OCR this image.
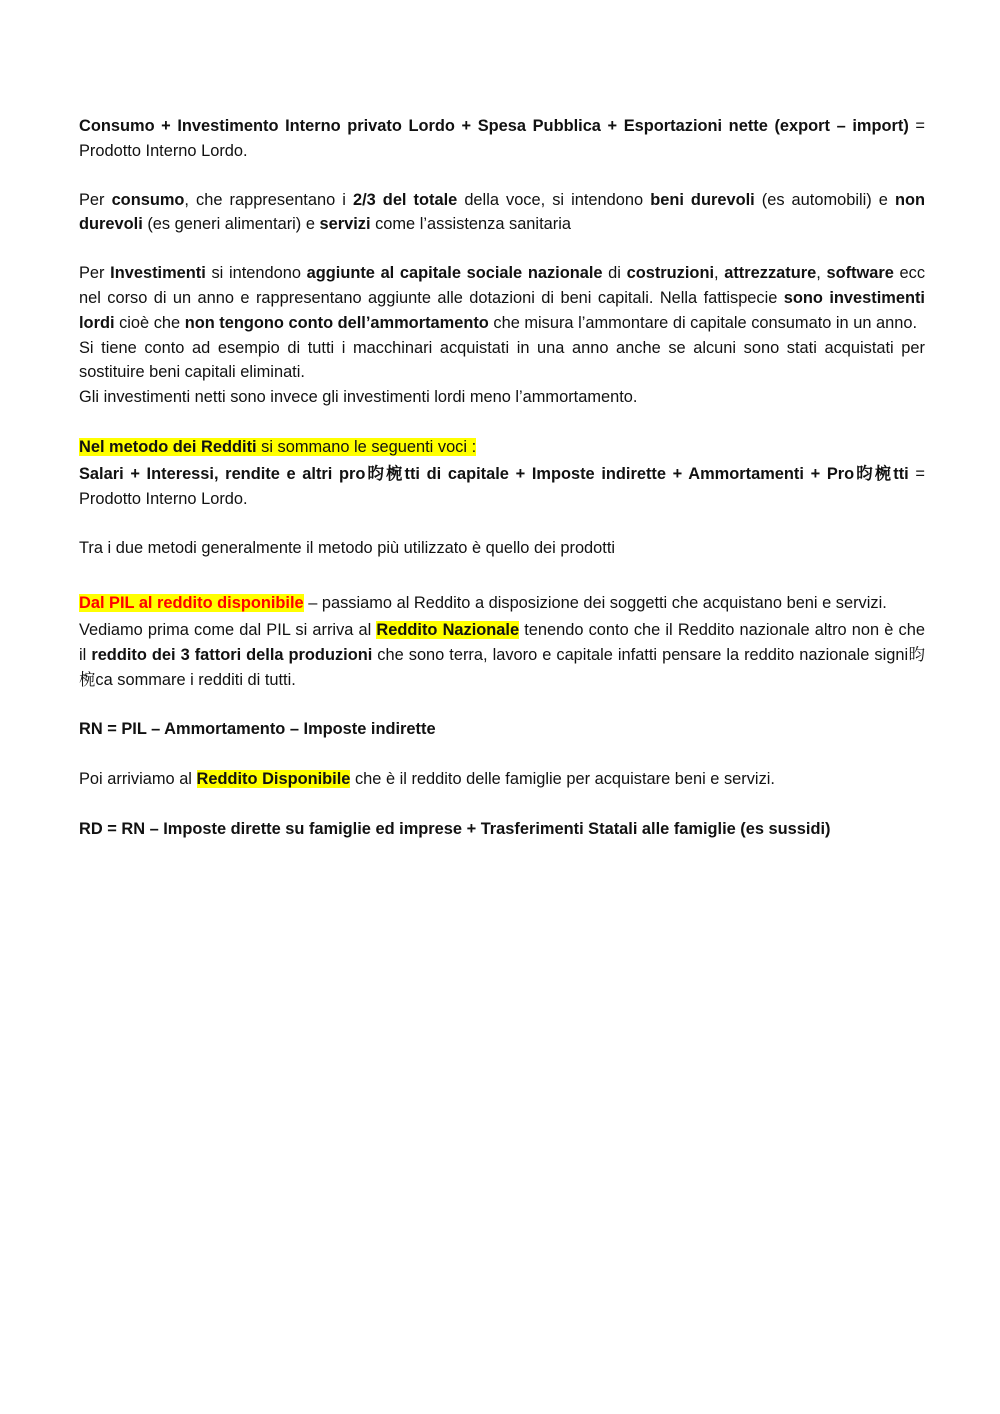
Consumo + Investimento Interno privato Lordo + Spesa Pubblica + Esportazioni nette (export – import) = Prodotto Interno Lordo.

Per consumo, che rappresentano i 2/3 del totale della voce, si intendono beni durevoli (es automobili) e non durevoli (es generi alimentari) e servizi come l’assistenza sanitaria

Per Investimenti si intendono aggiunte al capitale sociale nazionale di costruzioni, attrezzature, software ecc nel corso di un anno e rappresentano aggiunte alle dotazioni di beni capitali. Nella fattispecie sono investimenti lordi cioè che non tengono conto dell’ammortamento che misura l’ammontare di capitale consumato in un anno.

Si tiene conto ad esempio di tutti i macchinari acquistati in una anno anche se alcuni sono stati acquistati per sostituire beni capitali eliminati.

Gli investimenti netti sono invece gli investimenti lordi meno l’ammortamento.

Nel metodo dei Redditi si sommano le seguenti voci :

Salari + Interessi, rendite e altri pro昀椀tti di capitale + Imposte indirette + Ammortamenti + Pro昀椀tti = Prodotto Interno Lordo.

Tra i due metodi generalmente il metodo più utilizzato è quello dei prodotti

Dal PIL al reddito disponibile – passiamo al Reddito a disposizione dei soggetti che acquistano beni e servizi.

Vediamo prima come dal PIL si arriva al Reddito Nazionale tenendo conto che il Reddito nazionale altro non è che il reddito dei 3 fattori della produzioni che sono terra, lavoro e capitale infatti pensare la reddito nazionale signi昀椀ca sommare i redditi di tutti.

RN = PIL – Ammortamento – Imposte indirette

Poi arriviamo al Reddito Disponibile che è il reddito delle famiglie per acquistare beni e servizi.

RD = RN – Imposte dirette su famiglie ed imprese + Trasferimenti Statali alle famiglie (es sussidi)
